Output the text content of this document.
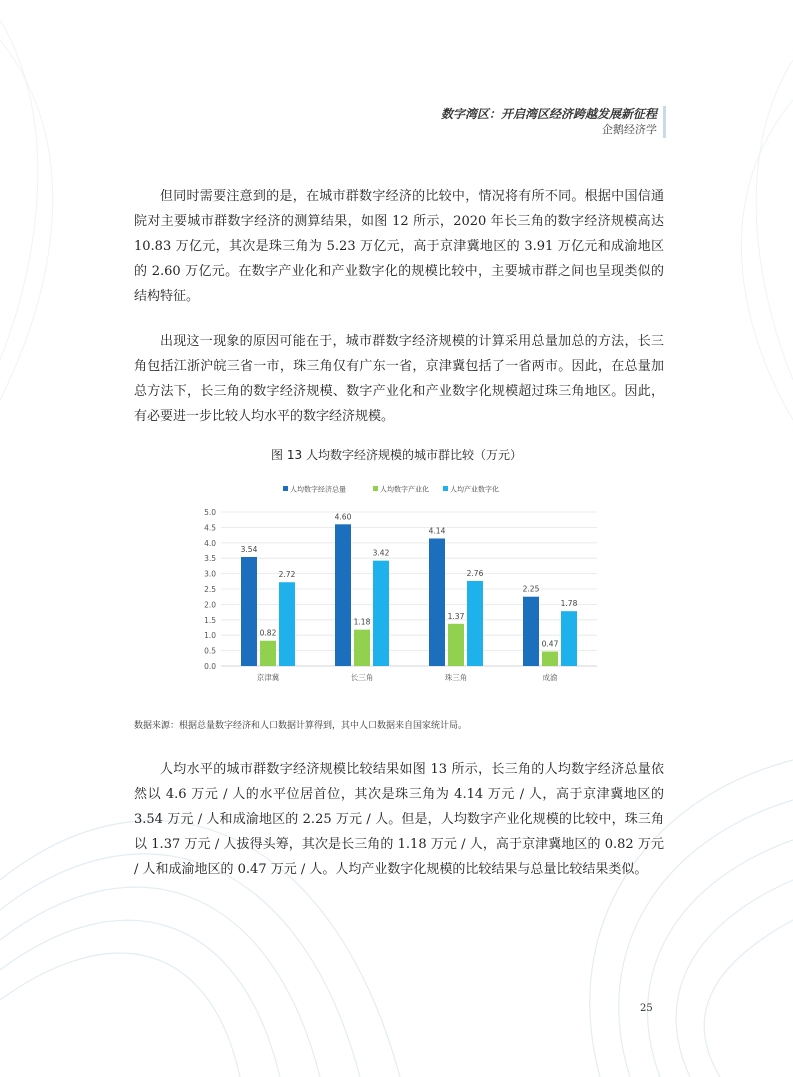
数字湾区：开启湾区经济跨越发展新征程
企鹅经济学

但同时需要注意到的是，在城市群数字经济的比较中，情况将有所不同。根据中国信通院对主要城市群数字经济的测算结果，如图 12 所示，2020 年长三角的数字经济规模高达 10.83 万亿元，其次是珠三角为 5.23 万亿元，高于京津冀地区的 3.91 万亿元和成渝地区的 2.60 万亿元。在数字产业化和产业数字化的规模比较中，主要城市群之间也呈现类似的结构特征。

出现这一现象的原因可能在于，城市群数字经济规模的计算采用总量加总的方法，长三角包括江浙沪皖三省一市，珠三角仅有广东一省，京津冀包括了一省两市。因此，在总量加总方法下，长三角的数字经济规模、数字产业化和产业数字化规模超过珠三角地区。因此，有必要进一步比较人均水平的数字经济规模。

图 13 人均数字经济规模的城市群比较（万元）
人均数字经济总量	人均数字产业化	人均产业数字化
0.0
0.5
1.0
1.5
2.0
2.5
3.0
3.5
4.0
4.5
5.0
3.54
0.82
2.72
4.60
1.18
3.42
4.14
1.37
2.76
2.25
0.47
1.78
京津冀	长三角	珠三角	成渝
数据来源：根据总量数字经济和人口数据计算得到，其中人口数据来自国家统计局。

人均水平的城市群数字经济规模比较结果如图 13 所示，长三角的人均数字经济总量依然以 4.6 万元 / 人的水平位居首位，其次是珠三角为 4.14 万元 / 人，高于京津冀地区的 3.54 万元 / 人和成渝地区的 2.25 万元 / 人。但是，人均数字产业化规模的比较中，珠三角以 1.37 万元 / 人拔得头筹，其次是长三角的 1.18 万元 / 人，高于京津冀地区的 0.82 万元 / 人和成渝地区的 0.47 万元 / 人。人均产业数字化规模的比较结果与总量比较结果类似。

25
